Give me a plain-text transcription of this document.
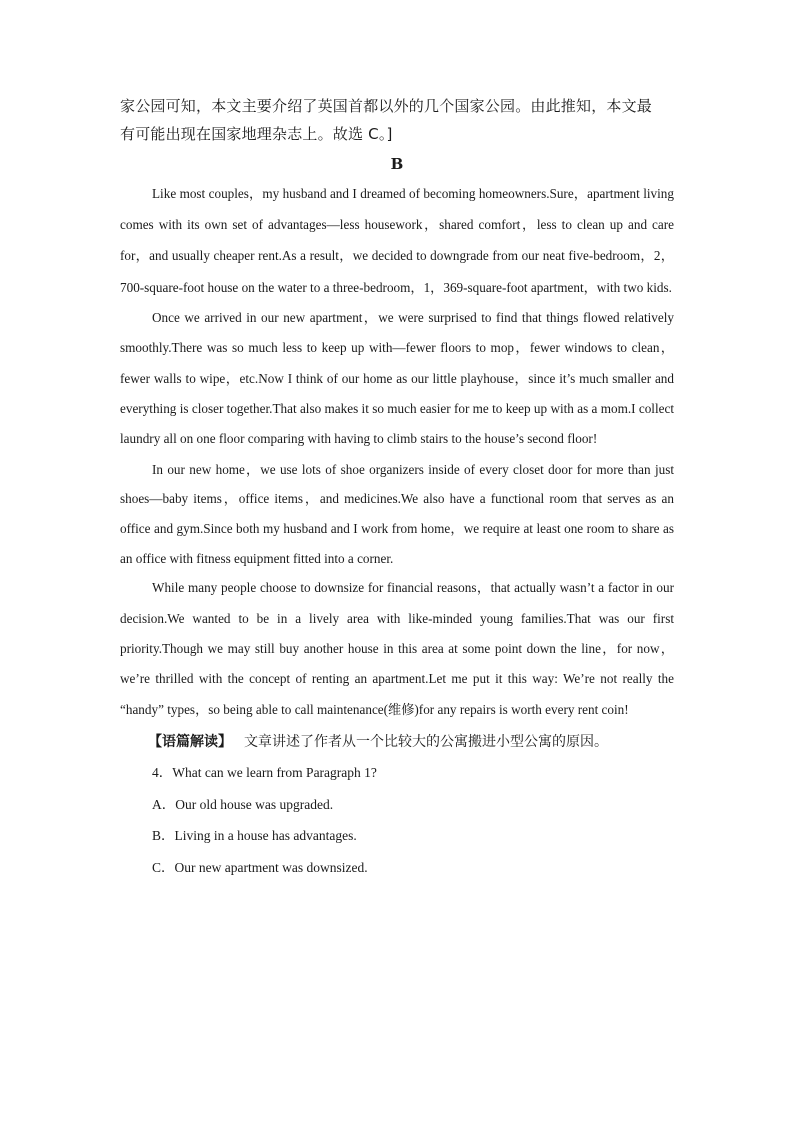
家公园可知，本文主要介绍了英国首都以外的几个国家公园。由此推知，本文最
有可能出现在国家地理杂志上。故选 C。]
B

Like most couples，my husband and I dreamed of becoming homeowners.Sure，apartment living comes with its own set of advantages—less housework，shared comfort，less to clean up and care for，and usually cheaper rent.As a result，we decided to downgrade from our neat five-bedroom，2，700-square-foot house on the water to a three-bedroom，1，369-square-foot apartment，with two kids.

Once we arrived in our new apartment，we were surprised to find that things flowed relatively smoothly.There was so much less to keep up with—fewer floors to mop，fewer windows to clean，fewer walls to wipe，etc.Now I think of our home as our little playhouse，since it’s much smaller and everything is closer together.That also makes it so much easier for me to keep up with as a mom.I collect laundry all on one floor comparing with having to climb stairs to the house’s second floor!

In our new home，we use lots of shoe organizers inside of every closet door for more than just shoes—baby items，office items，and medicines.We also have a functional room that serves as an office and gym.Since both my husband and I work from home，we require at least one room to share as an office with fitness equipment fitted into a corner.

While many people choose to downsize for financial reasons，that actually wasn’t a factor in our decision.We wanted to be in a lively area with like-minded young families.That was our first priority.Though we may still buy another house in this area at some point down the line，for now，we’re thrilled with the concept of renting an apartment.Let me put it this way: We’re not really the “handy” types，so being able to call maintenance(维修)for any repairs is worth every rent coin!

【语篇解读】 文章讲述了作者从一个比较大的公寓搬进小型公寓的原因。
4．What can we learn from Paragraph 1?
A．Our old house was upgraded.
B．Living in a house has advantages.
C．Our new apartment was downsized.
